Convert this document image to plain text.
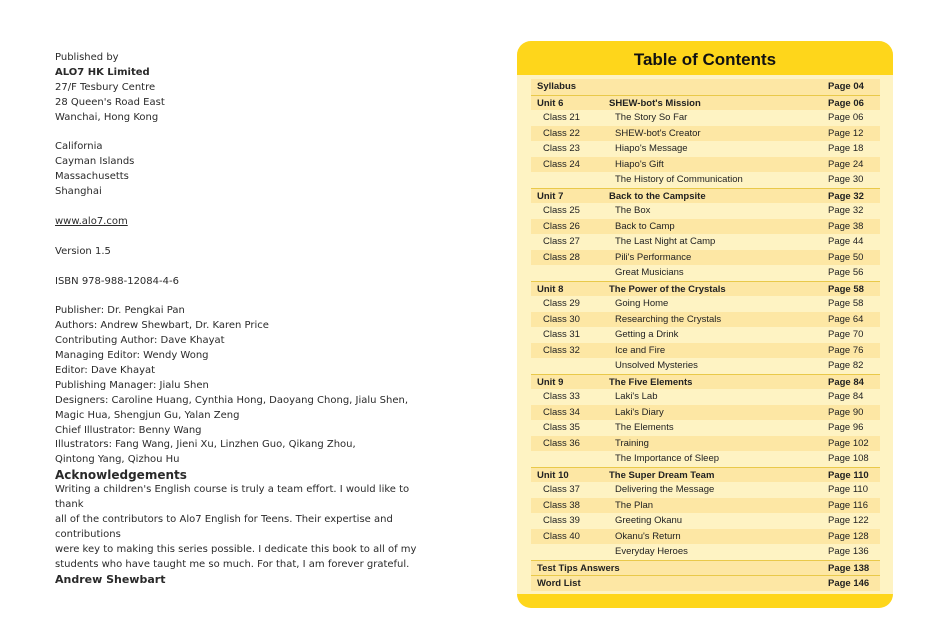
Published by

ALO7 HK Limited

27/F Tesbury Centre

28 Queen's Road East

Wanchai, Hong Kong

California

Cayman Islands

Massachusetts

Shanghai

www.alo7.com

Version 1.5

ISBN 978-988-12084-4-6

Publisher: Dr. Pengkai Pan

Authors: Andrew Shewbart, Dr. Karen Price

Contributing Author: Dave Khayat

Managing Editor: Wendy Wong

Editor: Dave Khayat

Publishing Manager: Jialu Shen

Designers: Caroline Huang, Cynthia Hong, Daoyang Chong, Jialu Shen,

Magic Hua, Shengjun Gu, Yalan Zeng

Chief Illustrator: Benny Wang

Illustrators: Fang Wang, Jieni Xu, Linzhen Guo, Qikang Zhou,

Qintong Yang, Qizhou Hu

Acknowledgements

Writing a children's English course is truly a team effort. I would like to thank

all of the contributors to Alo7 English for Teens. Their expertise and contributions

were key to making this series possible. I dedicate this book to all of my

students who have taught me so much. For that, I am forever grateful.

Andrew Shewbart

Table of Contents
Syllabus	Page 04
Unit 6	SHEW-bot's Mission	Page 06
Class 21	The Story So Far	Page 06
Class 22	SHEW-bot's Creator	Page 12
Class 23	Hiapo's Message	Page 18
Class 24	Hiapo's Gift	Page 24
The History of Communication	Page 30
Unit 7	Back to the Campsite	Page 32
Class 25	The Box	Page 32
Class 26	Back to Camp	Page 38
Class 27	The Last Night at Camp	Page 44
Class 28	Pili's Performance	Page 50
Great Musicians	Page 56
Unit 8	The Power of the Crystals	Page 58
Class 29	Going Home	Page 58
Class 30	Researching the Crystals	Page 64
Class 31	Getting a Drink	Page 70
Class 32	Ice and Fire	Page 76
Unsolved Mysteries	Page 82
Unit 9	The Five Elements	Page 84
Class 33	Laki's Lab	Page 84
Class 34	Laki's Diary	Page 90
Class 35	The Elements	Page 96
Class 36	Training	Page 102
The Importance of Sleep	Page 108
Unit 10	The Super Dream Team	Page 110
Class 37	Delivering the Message	Page 110
Class 38	The Plan	Page 116
Class 39	Greeting Okanu	Page 122
Class 40	Okanu's Return	Page 128
Everyday Heroes	Page 136
Test Tips Answers	Page 138
Word List	Page 146
